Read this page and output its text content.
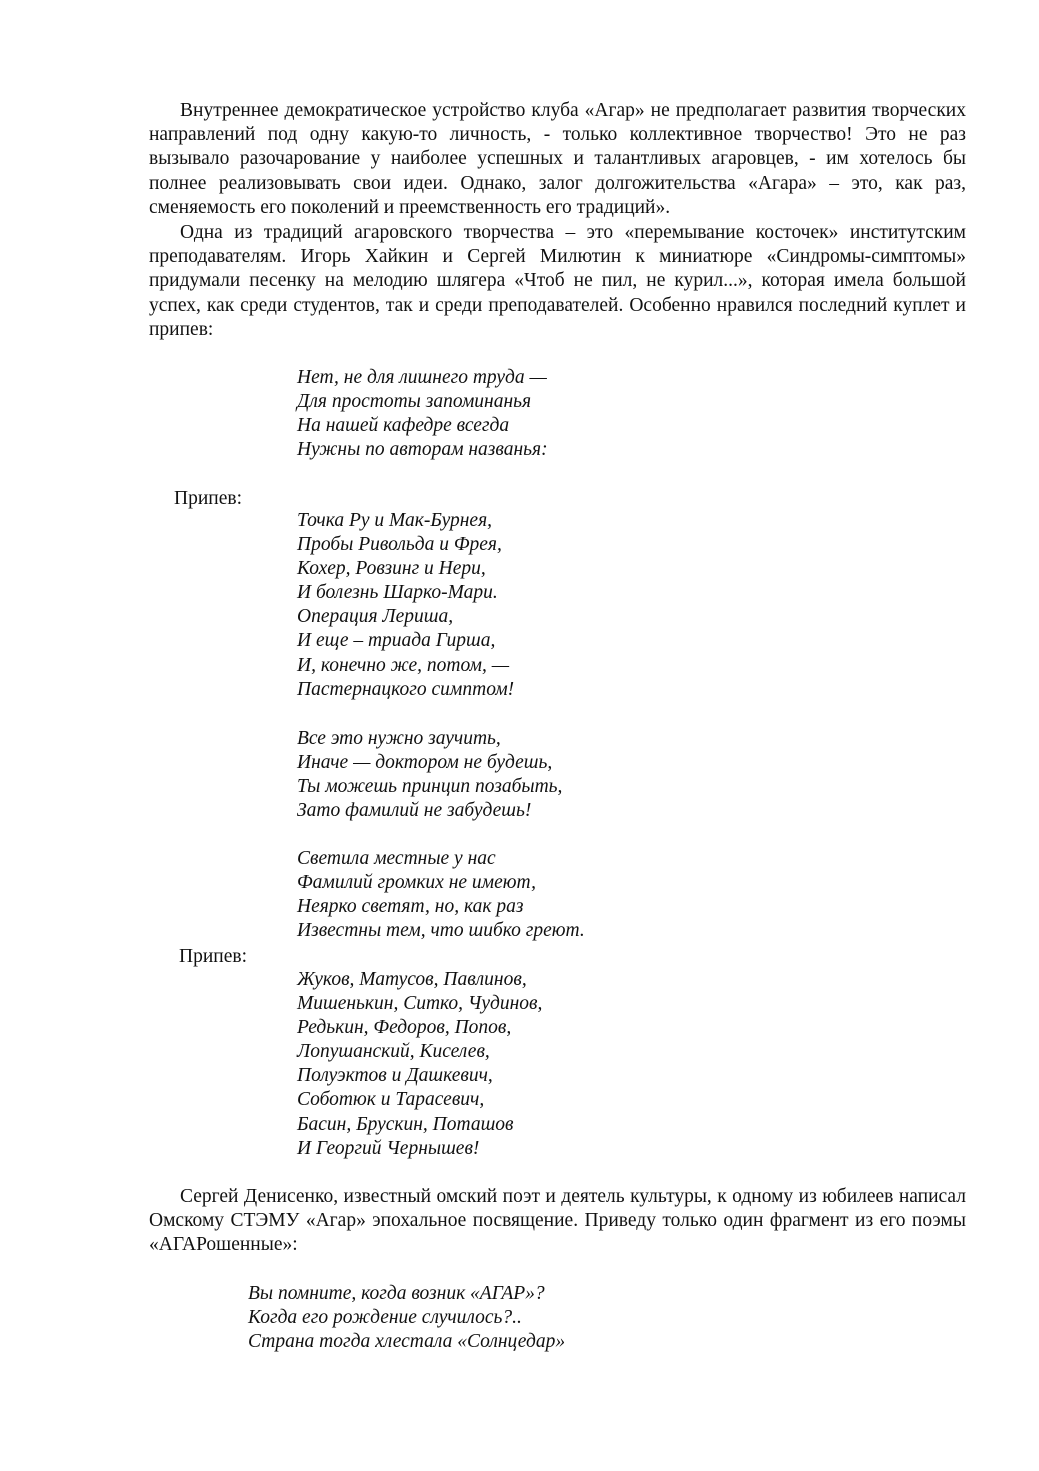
Внутреннее демократическое устройство клуба «Агар» не предполагает развития творческих направлений под одну какую-то личность, - только коллективное творчество! Это не раз вызывало разочарование у наиболее успешных и талантливых агаровцев, - им хотелось бы полнее реализовывать свои идеи. Однако, залог долгожительства «Агара» – это, как раз, сменяемость его поколений и преемственность его традиций».

Одна из традиций агаровского творчества – это «перемывание косточек» институтским преподавателям. Игорь Хайкин и Сергей Милютин к миниатюре «Синдромы-симптомы» придумали песенку на мелодию шлягера «Чтоб не пил, не курил...», которая имела большой успех, как среди студентов, так и среди преподавателей. Особенно нравился последний куплет и припев:

Нет, не для лишнего труда —
Для простоты запоминанья
На нашей кафедре всегда
Нужны по авторам названья:
Припев:
Точка Ру и Мак-Бурнея,
Пробы Ривольда и Фрея,
Кохер, Ровзинг и Нери,
И болезнь Шарко-Мари.
Операция Лериша,
И еще – триада Гирша,
И, конечно же, потом, —
Пастернацкого симптом!
Все это нужно заучить,
Иначе — доктором не будешь,
Ты можешь принцип позабыть,
Зато фамилий не забудешь!
Светила местные у нас
Фамилий громких не имеют,
Неярко светят, но, как раз
Известны тем, что шибко греют.
Припев:
Жуков, Матусов, Павлинов,
Мишенькин, Ситко, Чудинов,
Редькин, Федоров, Попов,
Лопушанский, Киселев,
Полуэктов и Дашкевич,
Соботюк и Тарасевич,
Басин, Брускин, Поташов
И Георгий Чернышев!

Сергей Денисенко, известный омский поэт и деятель культуры, к одному из юбилеев написал Омскому СТЭМУ «Агар» эпохальное посвящение. Приведу только один фрагмент из его поэмы «АГАРошенные»:

Вы помните, когда возник «АГАР»?
Когда его рождение случилось?..
Страна тогда хлестала «Солнцедар»
